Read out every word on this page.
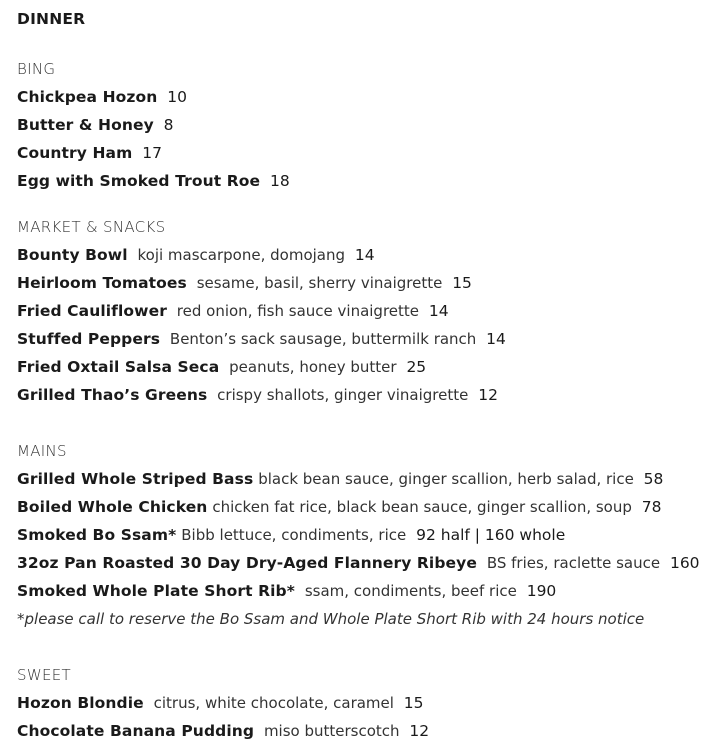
DINNER
BING
Chickpea Hozon 10
Butter & Honey 8
Country Ham 17
Egg with Smoked Trout Roe 18
MARKET & SNACKS
Bounty Bowl koji mascarpone, domojang 14
Heirloom Tomatoes sesame, basil, sherry vinaigrette 15
Fried Cauliflower red onion, fish sauce vinaigrette 14
Stuffed Peppers Benton’s sack sausage, buttermilk ranch 14
Fried Oxtail Salsa Seca peanuts, honey butter 25
Grilled Thao’s Greens crispy shallots, ginger vinaigrette 12
MAINS
Grilled Whole Striped Bass black bean sauce, ginger scallion, herb salad, rice 58
Boiled Whole Chicken chicken fat rice, black bean sauce, ginger scallion, soup 78
Smoked Bo Ssam* Bibb lettuce, condiments, rice 92 half | 160 whole
32oz Pan Roasted 30 Day Dry-Aged Flannery Ribeye BS fries, raclette sauce 160
Smoked Whole Plate Short Rib* ssam, condiments, beef rice 190
*please call to reserve the Bo Ssam and Whole Plate Short Rib with 24 hours notice
SWEET
Hozon Blondie citrus, white chocolate, caramel 15
Chocolate Banana Pudding miso butterscotch 12
